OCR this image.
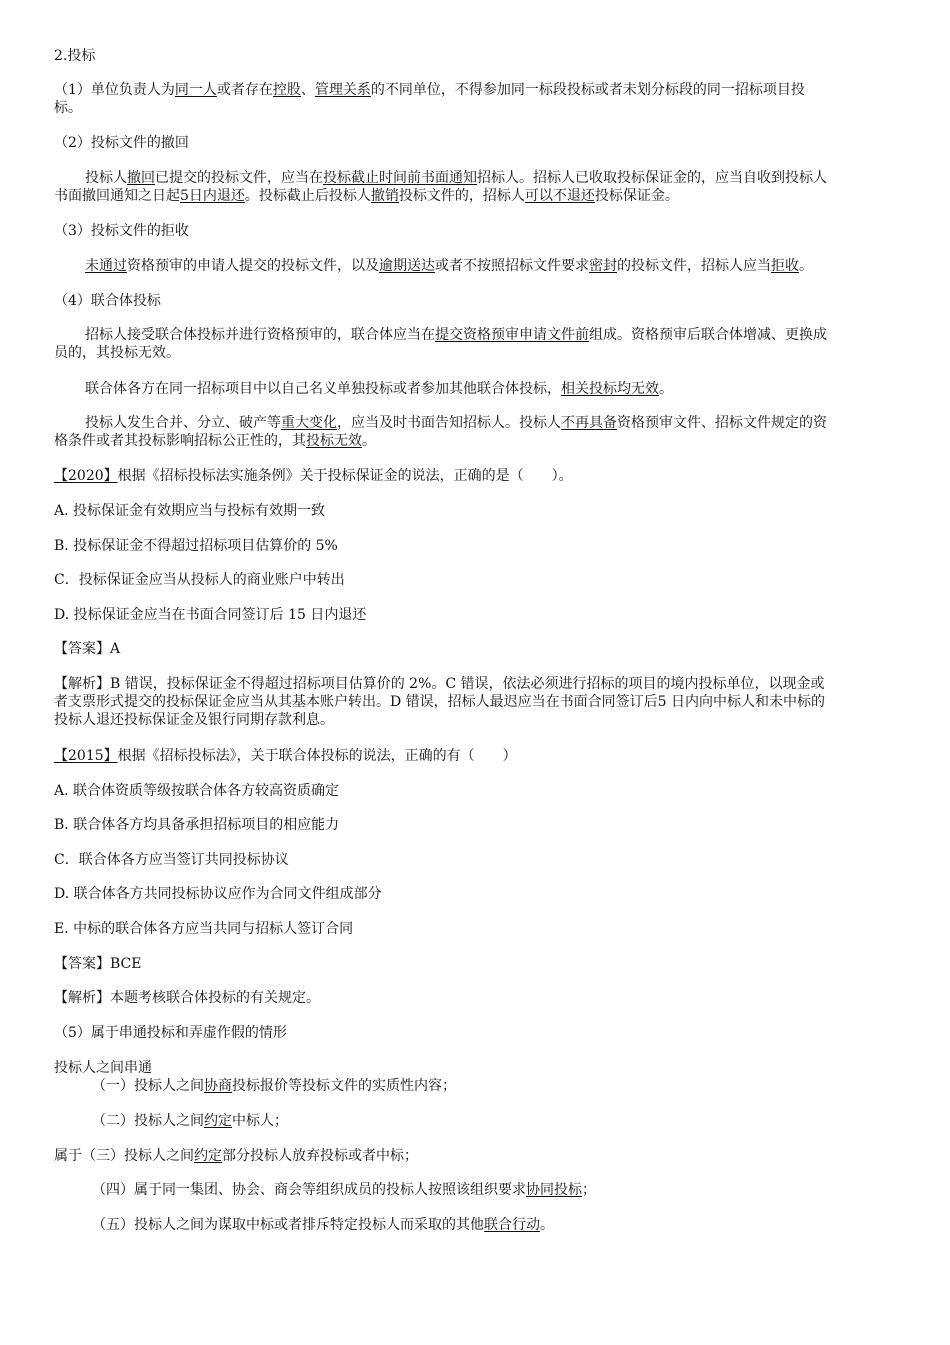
2.投标
（1）单位负责人为同一人或者存在控股、管理关系的不同单位，不得参加同一标段投标或者未划分标段的同一招标项目投
标。
（2）投标文件的撤回
投标人撤回已提交的投标文件，应当在投标截止时间前书面通知招标人。招标人已收取投标保证金的，应当自收到投标人
书面撤回通知之日起5日内退还。投标截止后投标人撤销投标文件的，招标人可以不退还投标保证金。
（3）投标文件的拒收
未通过资格预审的申请人提交的投标文件，以及逾期送达或者不按照招标文件要求密封的投标文件，招标人应当拒收。
（4）联合体投标
招标人接受联合体投标并进行资格预审的，联合体应当在提交资格预审申请文件前组成。资格预审后联合体增减、更换成
员的，其投标无效。
联合体各方在同一招标项目中以自己名义单独投标或者参加其他联合体投标，相关投标均无效。
投标人发生合并、分立、破产等重大变化，应当及时书面告知招标人。投标人不再具备资格预审文件、招标文件规定的资
格条件或者其投标影响招标公正性的，其投标无效。
【2020】根据《招标投标法实施条例》关于投标保证金的说法，正确的是（　　）。
A. 投标保证金有效期应当与投标有效期一致
B. 投标保证金不得超过招标项目估算价的 5%
C．投标保证金应当从投标人的商业账户中转出
D. 投标保证金应当在书面合同签订后 15 日内退还
【答案】A
【解析】B 错误，投标保证金不得超过招标项目估算价的 2%。C 错误，依法必须进行招标的项目的境内投标单位，以现金或
者支票形式提交的投标保证金应当从其基本账户转出。D 错误，招标人最迟应当在书面合同签订后5 日内向中标人和未中标的
投标人退还投标保证金及银行同期存款利息。
【2015】根据《招标投标法》，关于联合体投标的说法，正确的有（　　）
A. 联合体资质等级按联合体各方较高资质确定
B. 联合体各方均具备承担招标项目的相应能力
C．联合体各方应当签订共同投标协议
D. 联合体各方共同投标协议应作为合同文件组成部分
E. 中标的联合体各方应当共同与招标人签订合同
【答案】BCE
【解析】本题考核联合体投标的有关规定。
（5）属于串通投标和弄虚作假的情形
投标人之间串通
（一）投标人之间协商投标报价等投标文件的实质性内容；
（二）投标人之间约定中标人；
属于（三）投标人之间约定部分投标人放弃投标或者中标；
（四）属于同一集团、协会、商会等组织成员的投标人按照该组织要求协同投标；
（五）投标人之间为谋取中标或者排斥特定投标人而采取的其他联合行动。
